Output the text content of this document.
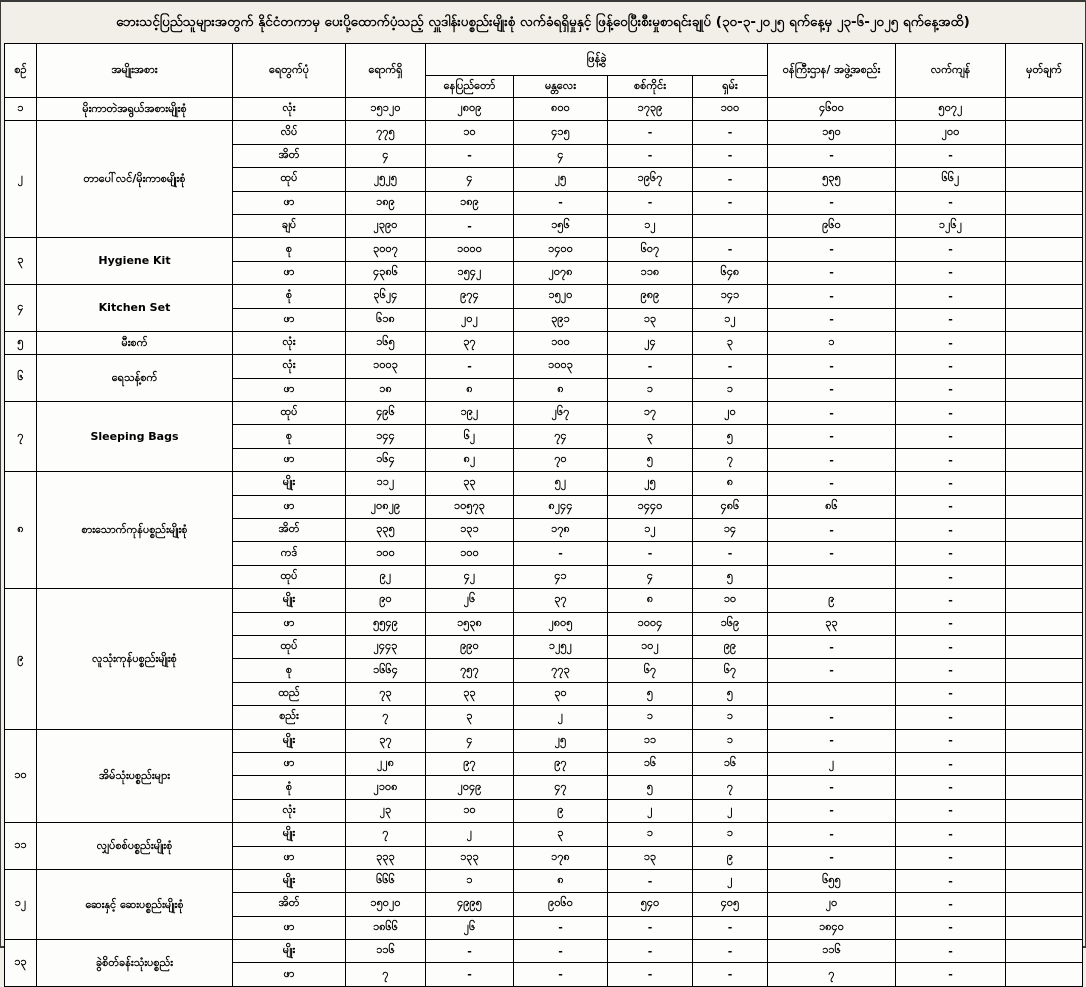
ဘေးသင့်ပြည်သူများအတွက် နိုင်ငံတကာမှ ပေးပို့ထောက်ပံ့သည့် လှူဒါန်းပစ္စည်းမျိုးစုံ လက်ခံရရှိမှုနှင့် ဖြန့်ဝေပြီးစီးမှုစာရင်းချုပ် (၃၀-၃-၂၀၂၅ ရက်နေ့မှ ၂၃-၆-၂၀၂၅ ရက်နေ့အထိ)
စဉ်	အမျိုးအစား	ရေတွက်ပုံ	ရောက်ရှိ	ဖြန့်ခွဲ				ဝန်ကြီးဌာန/ အဖွဲ့အစည်း	လက်ကျန်	မှတ်ချက်
				နေပြည်တော်	မန္တလေး	စစ်ကိုင်း	ရှမ်း			
၁	မိုးကာတဲအရွယ်အစားမျိုးစုံ	လုံး	၁၅၁၂၀	၂၈၀၉	၈၀၀	၁၇၃၉	၁၀၀	၄၆၀၀	၅၀၇၂	
၂	တာပေါ်လင်/မိုးကာစမျိုးစုံ	လိပ်	၇၇၅	၁၀	၄၁၅	-	-	၁၅၀	၂၀၀	
		အိတ်	၄	-	၄	-	-	-	-	
		ထုပ်	၂၅၂၅	၄	၂၅	၁၉၆၇	-	၅၃၅	၆၆၂	
		ဖာ	၁၈၉	၁၈၉	-	-	-	-	-	
		ချပ်	၂၃၉၀	-	၁၅၆	၁၂		၉၆၀	၁၂၆၂	
၃	Hygiene Kit	စု	၃၀၀၇	၁၀၀၀	၁၄၀၀	၆၀၇	-	-	-	
		ဖာ	၄၃၈၆	၁၅၄၂	၂၀၇၈	၁၁၈	၆၄၈	-	-	
၄	Kitchen Set	စုံ	၃၆၂၄	၉၇၄	၁၅၂၀	၉၈၉	၁၄၁	-	-	
		ဖာ	၆၁၈	၂၀၂	၃၉၁	၁၃	၁၂	-	-	
၅	မီးစက်	လုံး	၁၆၅	၃၇	၁၀၀	၂၄	၃	၁	-	
၆	ရေသန့်စက်	လုံး	၁၀၀၃	-	၁၀၀၃	-	-	-	-	
		ဖာ	၁၈	၈	၈	၁	၁	-	-	
၇	Sleeping Bags	ထုပ်	၄၉၆	၁၉၂	၂၆၇	၁၇	၂၀	-	-	
		စု	၁၄၄	၆၂	၇၄	၃	၅	-	-	
		ဖာ	၁၆၄	၈၂	၇၀	၅	၇	-	-	
၈	စားသောက်ကုန်ပစ္စည်းမျိုးစုံ	မျိုး	၁၁၂	၃၃	၅၂	၂၅	၈	-	-	
		ဖာ	၂၀၈၂၉	၁၀၅၇၃	၈၂၄၄	၁၄၄၀	၄၈၆	၈၆	-	
		အိတ်	၃၃၅	၁၃၁	၁၇၈	၁၂	၁၄	-	-	
		ကဒ်	၁၀၀	၁၀၀	-	-	-	-	-	
		ထုပ်	၉၂	၄၂	၄၁	၄	၅		-	
၉	လူသုံးကုန်ပစ္စည်းမျိုးစုံ	မျိုး	၉၀	၂၆	၃၇	၈	၁၀	၉	-	
		ဖာ	၅၅၄၉	၁၅၃၈	၂၈၀၅	၁၀၀၄	၁၆၉	၃၃	-	
		ထုပ်	၂၄၄၃	၉၉၀	၁၂၅၂	၁၀၂	၉၉	-	-	
		စု	၁၆၆၄	၇၅၇	၇၇၃	၆၇	၆၇	-	-	
		ထည်	၇၃	၃၃	၃၀	၅	၅		-	
		စည်း	၇	၃	၂	၁	၁	-	-	
၁၀	အိမ်သုံးပစ္စည်းများ	မျိုး	၃၇	၄	၂၅	၁၁	၁	-	-	
		ဖာ	၂၂၈	၉၇	၉၇	၁၆	၁၆	၂	-	
		စုံ	၂၁၀၈	၂၀၄၉	၄၇	၅	၇	-	-	
		လုံး	၂၃	၁၀	၉	၂	၂	-	-	
၁၁	လျှပ်စစ်ပစ္စည်းမျိုးစုံ	မျိုး	၇	၂	၃	၁	၁	-	-	
		ဖာ	၃၃၃	၁၃၃	၁၇၈	၁၃	၉	-	-	
၁၂	ဆေးနှင့် ဆေးပစ္စည်းမျိုးစုံ	မျိုး	၆၆၆	၁	၈	-	၂	၆၅၅	-	
		အိတ်	၁၅၀၂၀	၄၉၉၅	၉၀၆၀	၅၄၀	၄၀၅	၂၀	-	
		ဖာ	၁၈၆၆	၂၆	-	-	-	၁၈၄၀	-	
၁၃	ခွဲစိတ်ခန်းသုံးပစ္စည်း	မျိုး	၁၁၆	-	-	-	-	၁၁၆	-	
		ဖာ	၇	-	-	-	-	၇	-	
